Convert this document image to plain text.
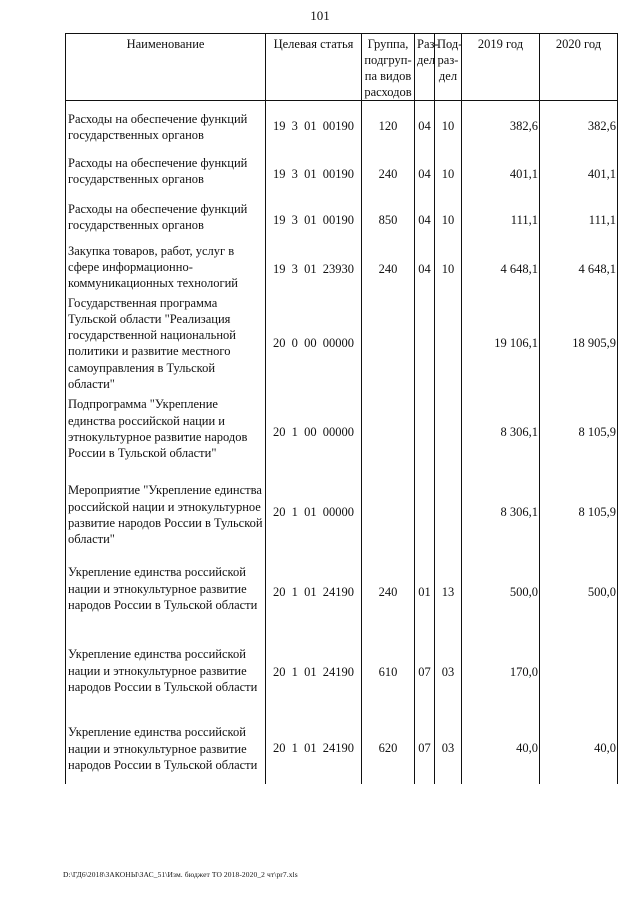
101
Наименование	Целевая статья	Группа, подгруп-па видов расходов	Раз-дел	Под-раз-дел	2019 год	2020 год
Расходы на обеспечение функций государственных органов	19 3 01 00190	120	04	10	382,6	382,6
Расходы на обеспечение функций государственных органов	19 3 01 00190	240	04	10	401,1	401,1
Расходы на обеспечение функций государственных органов	19 3 01 00190	850	04	10	111,1	111,1
Закупка товаров, работ, услуг в сфере информационно-коммуникационных технологий	19 3 01 23930	240	04	10	4 648,1	4 648,1
Государственная программа Тульской области "Реализация государственной национальной политики и развитие местного самоуправления в Тульской области"	20 0 00 00000				19 106,1	18 905,9
Подпрограмма "Укрепление единства российской нации и этнокультурное развитие народов России в Тульской области"	20 1 00 00000				8 306,1	8 105,9
Мероприятие "Укрепление единства российской нации и этнокультурное развитие народов России в Тульской области"	20 1 01 00000				8 306,1	8 105,9
Укрепление единства российской нации и этнокультурное развитие народов России в Тульской области	20 1 01 24190	240	01	13	500,0	500,0
Укрепление единства российской нации и этнокультурное развитие народов России в Тульской области	20 1 01 24190	610	07	03	170,0	
Укрепление единства российской нации и этнокультурное развитие народов России в Тульской области	20 1 01 24190	620	07	03	40,0	40,0
D:\ГД6\2018\ЗАКОНЫ\ЗАС_51\Изм. бюджет ТО 2018-2020_2 чт\pr7.xls
